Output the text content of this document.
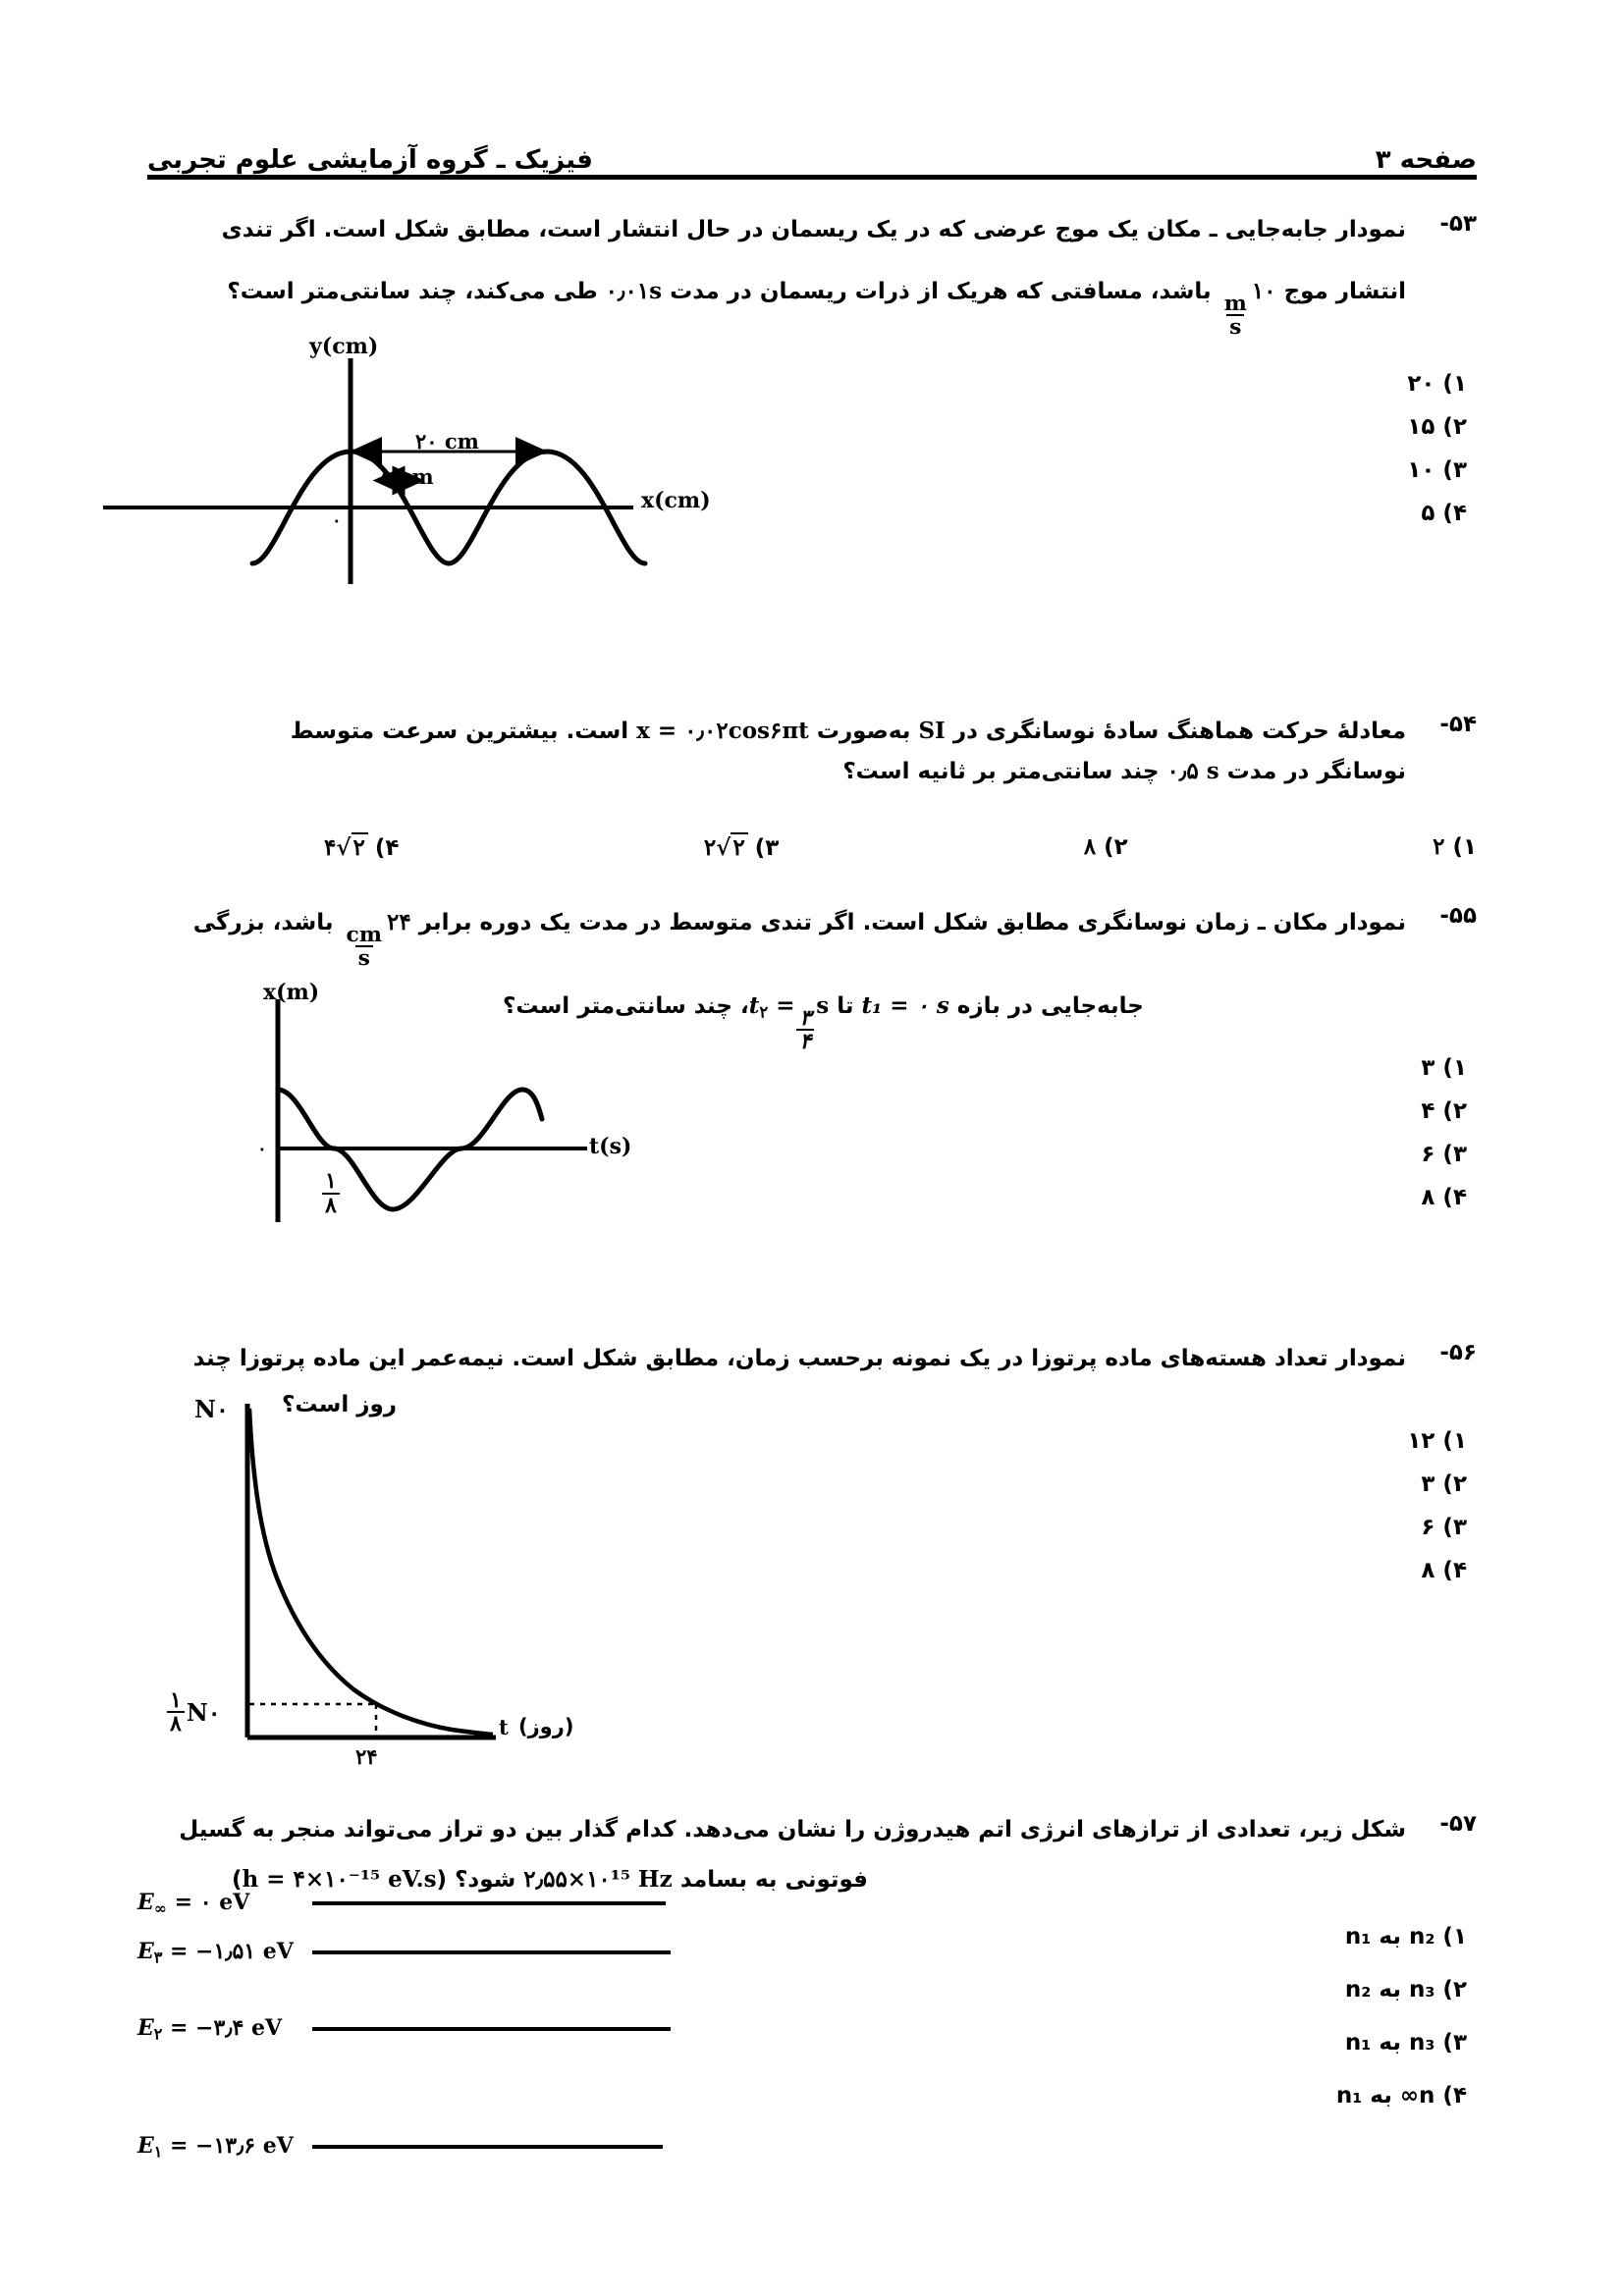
صفحه ۳
فیزیک ـ گروه آزمایشی علوم تجربی
۵۳-
نمودار جابه‌جایی ـ مکان یک موج عرضی که در یک ریسمان در حال انتشار است، مطابق شکل است. اگر تندی
انتشار موج ۱۰
$\frac{m}{s}$
باشد، مسافتی که هریک از ذرات ریسمان در مدت ۰٫۰۱s طی می‌کند، چند سانتی‌متر است؟
y(cm)
x(cm)
۰
۲۰ cm
۵ cm
۱) ۲۰
۲) ۱۵
۳) ۱۰
۴) ۵
۵۴-
معادلهٔ حرکت هماهنگ سادهٔ نوسانگری در SI به‌صورت x = ۰٫۰۲cos۶πt است. بیشترین سرعت متوسط
نوسانگر در مدت ۰٫۵ s چند سانتی‌متر بر ثانیه است؟
۱) ۲
۲) ۸
۳) ۲√۲
۴) ۴√۲
۵۵-
نمودار مکان ـ زمان نوسانگری مطابق شکل است. اگر تندی متوسط در مدت یک دوره برابر ۲۴
$\frac{cm}{s}$
باشد، بزرگی
جابه‌جایی در بازه t₁ = ۰ s تا $t_۲$ =
$\frac{۳}{۴}$
s، چند سانتی‌متر است؟
x(m)
t(s)
۰
$\frac{۱}{۸}$
۱) ۳
۲) ۴
۳) ۶
۴) ۸
۵۶-
نمودار تعداد هسته‌های ماده پرتوزا در یک نمونه برحسب زمان، مطابق شکل است. نیمه‌عمر این ماده پرتوزا چند
روز است؟
N۰
$\frac{۱}{۸}$ N۰
۲۴
t (روز)
۱) ۱۲
۲) ۳
۳) ۶
۴) ۸
۵۷-
شکل زیر، تعدادی از ترازهای انرژی اتم هیدروژن را نشان می‌دهد. کدام گذار بین دو تراز می‌تواند منجر به گسیل
فوتونی به بسامد ۲٫۵۵×۱۰¹⁵ Hz شود؟ (h = ۴×۱۰⁻¹⁵ eV.s)
$E_\infty$ = ۰ eV
$E_۳$ = −۱٫۵۱ eV
$E_۲$ = −۳٫۴ eV
$E_۱$ = −۱۳٫۶ eV
۱) n₂ به n₁
۲) n₃ به n₂
۳) n₃ به n₁
۴) n∞ به n₁
